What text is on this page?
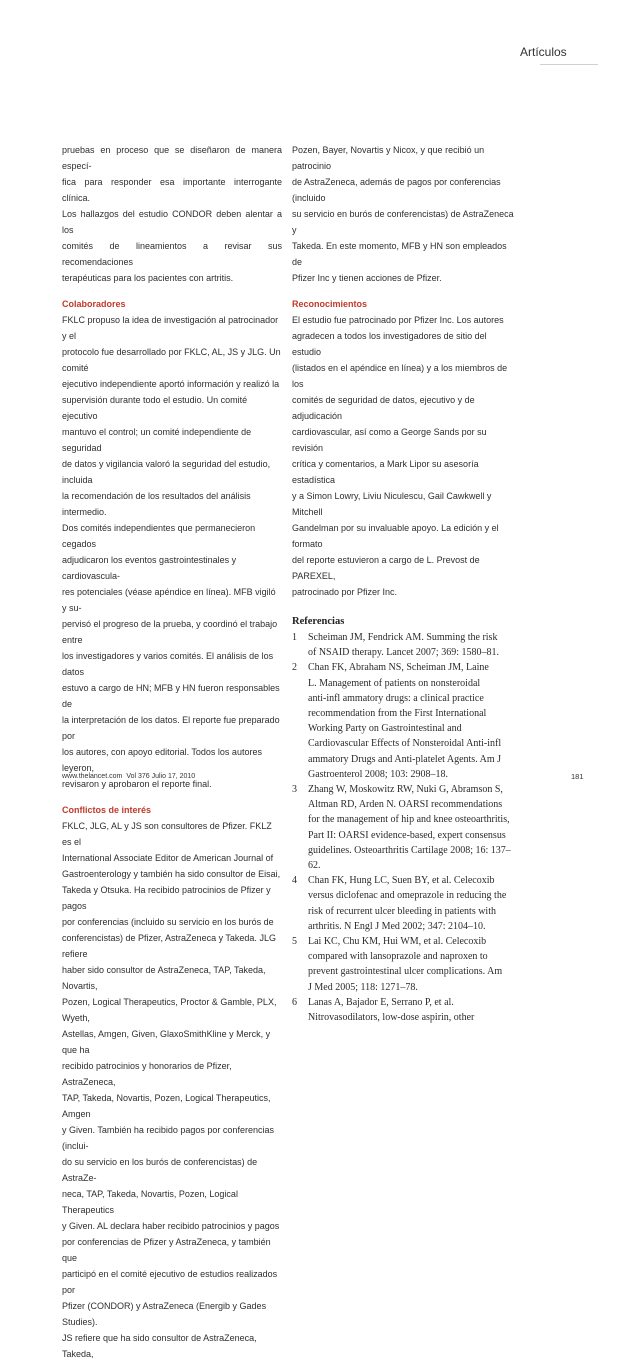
Artículos
pruebas en proceso que se diseñaron de manera especí-
fica para responder esa importante interrogante clínica.
Los hallazgos del estudio CONDOR deben alentar a los
comités de lineamientos a revisar sus recomendaciones
terapéuticas para los pacientes con artritis.

Colaboradores

FKLC propuso la idea de investigación al patrocinador y el
protocolo fue desarrollado por FKLC, AL, JS y JLG. Un comité
ejecutivo independiente aportó información y realizó la
supervisión durante todo el estudio. Un comité ejecutivo
mantuvo el control; un comité independiente de seguridad
de datos y vigilancia valoró la seguridad del estudio, incluida
la recomendación de los resultados del análisis intermedio.
Dos comités independientes que permanecieron cegados
adjudicaron los eventos gastrointestinales y cardiovascula-
res potenciales (véase apéndice en línea). MFB vigiló y su-
pervisó el progreso de la prueba, y coordinó el trabajo entre
los investigadores y varios comités. El análisis de los datos
estuvo a cargo de HN; MFB y HN fueron responsables de
la interpretación de los datos. El reporte fue preparado por
los autores, con apoyo editorial. Todos los autores leyeron,
revisaron y aprobaron el reporte final.

Conflictos de interés

FKLC, JLG, AL y JS son consultores de Pfizer. FKLZ es el
International Associate Editor de American Journal of
Gastroenterology y también ha sido consultor de Eisai,
Takeda y Otsuka. Ha recibido patrocinios de Pfizer y pagos
por conferencias (incluido su servicio en los burós de
conferencistas) de Pfizer, AstraZeneca y Takeda. JLG refiere
haber sido consultor de AstraZeneca, TAP, Takeda, Novartis,
Pozen, Logical Therapeutics, Proctor & Gamble, PLX, Wyeth,
Astellas, Amgen, Given, GlaxoSmithKline y Merck, y que ha
recibido patrocinios y honorarios de Pfizer, AstraZeneca,
TAP, Takeda, Novartis, Pozen, Logical Therapeutics, Amgen
y Given. También ha recibido pagos por conferencias (inclui-
do su servicio en los burós de conferencistas) de AstraZe-
neca, TAP, Takeda, Novartis, Pozen, Logical Therapeutics
y Given. AL declara haber recibido patrocinios y pagos
por conferencias de Pfizer y AstraZeneca, y también que
participó en el comité ejecutivo de estudios realizados por
Pfizer (CONDOR) y AstraZeneca (Energib y Gades Studies).
JS refiere que ha sido consultor de AstraZeneca, Takeda,
Pozen, Bayer, Novartis y Nicox, y que recibió un patrocinio
de AstraZeneca, además de pagos por conferencias (incluido
su servicio en burós de conferencistas) de AstraZeneca y
Takeda. En este momento, MFB y HN son empleados de
Pfizer Inc y tienen acciones de Pfizer.

Reconocimientos

El estudio fue patrocinado por Pfizer Inc. Los autores
agradecen a todos los investigadores de sitio del estudio
(listados en el apéndice en línea) y a los miembros de los
comités de seguridad de datos, ejecutivo y de adjudicación
cardiovascular, así como a George Sands por su revisión
crítica y comentarios, a Mark Lipor su asesoría estadística
y a Simon Lowry, Liviu Niculescu, Gail Cawkwell y Mitchell
Gandelman por su invaluable apoyo. La edición y el formato
del reporte estuvieron a cargo de L. Prevost de PAREXEL,
patrocinado por Pfizer Inc.

Referencias

1 Scheiman JM, Fendrick AM. Summing the risk
of NSAID therapy. Lancet 2007; 369: 1580–81.
2 Chan FK, Abraham NS, Scheiman JM, Laine
L. Management of patients on nonsteroidal
anti-infl ammatory drugs: a clinical practice
recommendation from the First International
Working Party on Gastrointestinal and
Cardiovascular Effects of Nonsteroidal Anti-infl
ammatory Drugs and Anti-platelet Agents. Am J
Gastroenterol 2008; 103: 2908–18.
3 Zhang W, Moskowitz RW, Nuki G, Abramson S,
Altman RD, Arden N. OARSI recommendations
for the management of hip and knee osteoarthritis,
Part II: OARSI evidence-based, expert consensus
guidelines. Osteoarthritis Cartilage 2008; 16: 137–62.
4 Chan FK, Hung LC, Suen BY, et al. Celecoxib
versus diclofenac and omeprazole in reducing the
risk of recurrent ulcer bleeding in patients with
arthritis. N Engl J Med 2002; 347: 2104–10.
5 Lai KC, Chu KM, Hui WM, et al. Celecoxib
compared with lansoprazole and naproxen to
prevent gastrointestinal ulcer complications. Am
J Med 2005; 118: 1271–78.
6 Lanas A, Bajador E, Serrano P, et al.
Nitrovasodilators, low-dose aspirin, other
www.thelancet.com Vol 376 Julio 17, 2010	181
